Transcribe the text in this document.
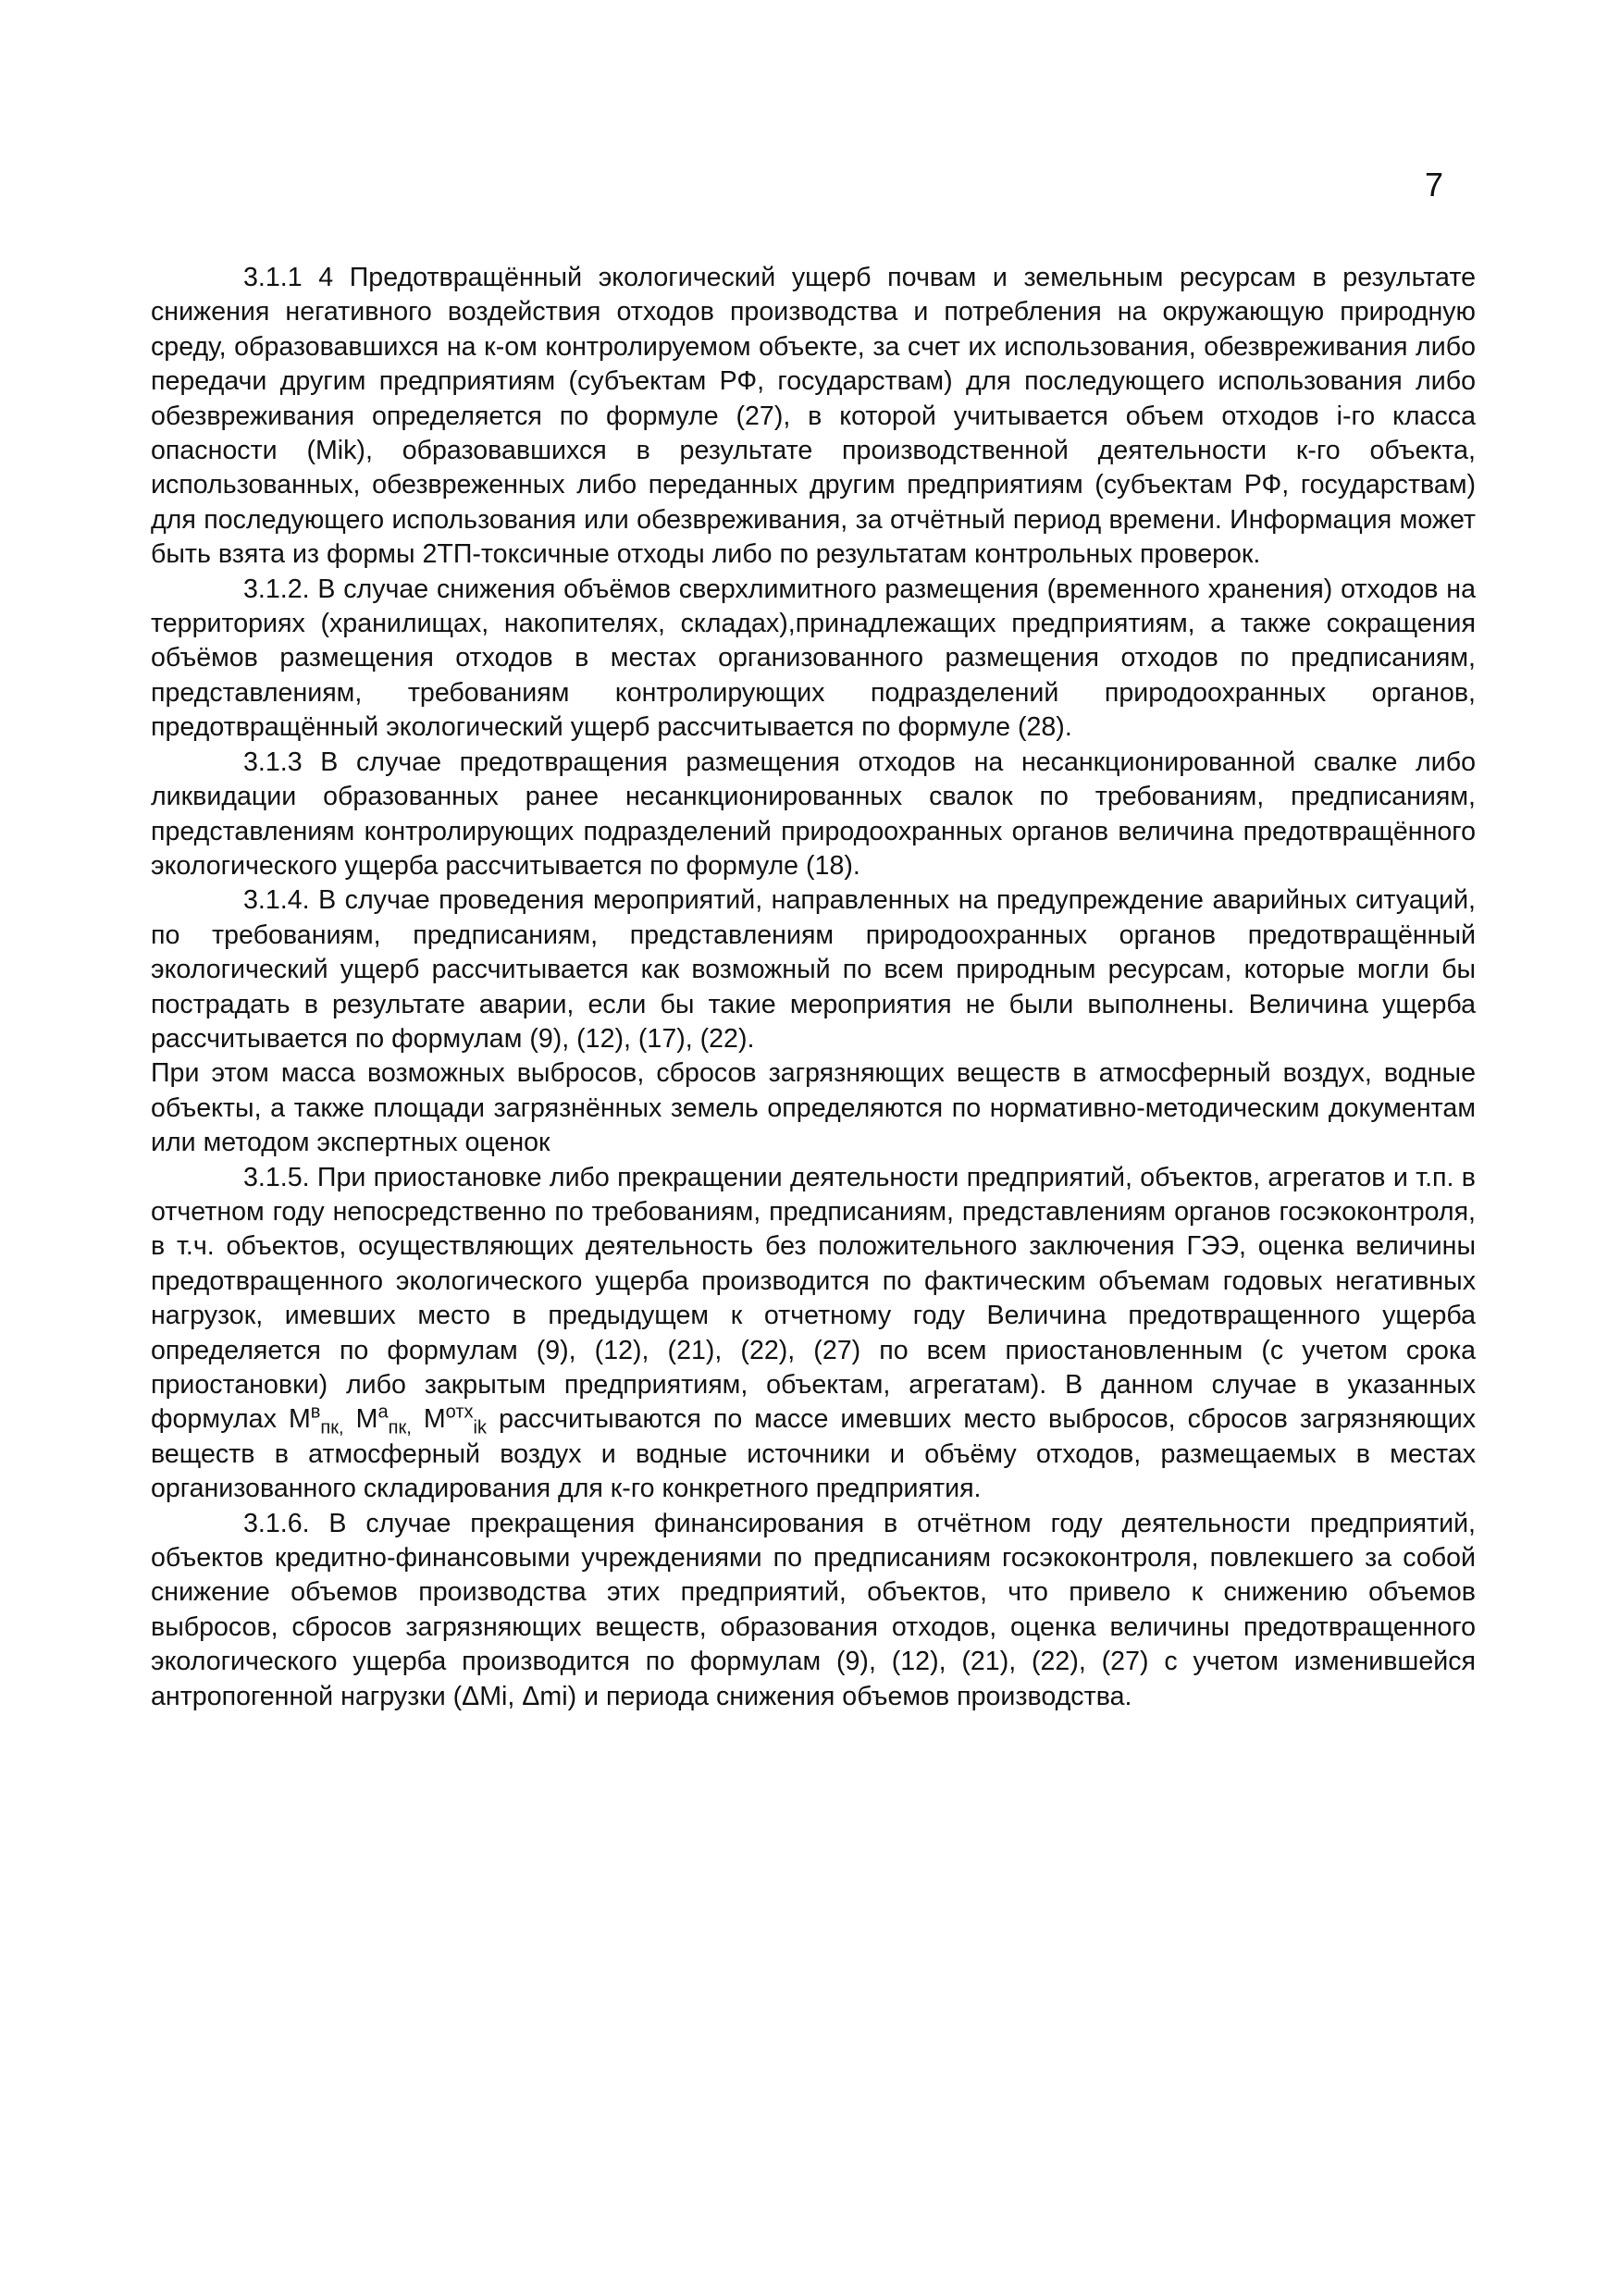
7

3.1.1 4 Предотвращённый экологический ущерб почвам и земельным ресурсам в результате снижения негативного воздействия отходов производства и потребления на окружающую природную среду, образовавшихся на к-ом контролируемом объекте, за счет их использования, обезвреживания либо передачи другим предприятиям (субъектам РФ, государствам) для последующего использования либо обезвреживания определяется по формуле (27), в которой учитывается объем отходов i-го класса опасности (Mik), образовавшихся в результате производственной деятельности к-го объекта, использованных, обезвреженных либо переданных другим предприятиям (субъектам РФ, государствам) для последующего использования или обезвреживания, за отчётный период времени. Информация может быть взята из формы 2ТП-токсичные отходы либо по результатам контрольных проверок.

3.1.2. В случае снижения объёмов сверхлимитного размещения (временного хранения) отходов на территориях (хранилищах, накопителях, складах),принадлежащих предприятиям, а также сокращения объёмов размещения отходов в местах организованного размещения отходов по предписаниям, представлениям, требованиям контролирующих подразделений природоохранных органов, предотвращённый экологический ущерб рассчитывается по формуле (28).

3.1.3 В случае предотвращения размещения отходов на несанкционированной свалке либо ликвидации образованных ранее несанкционированных свалок по требованиям, предписаниям, представлениям контролирующих подразделений природоохранных органов величина предотвращённого экологического ущерба рассчитывается по формуле (18).

3.1.4. В случае проведения мероприятий, направленных на предупреждение аварийных ситуаций, по требованиям, предписаниям, представлениям природоохранных органов предотвращённый экологический ущерб рассчитывается как возможный по всем природным ресурсам, которые могли бы пострадать в результате аварии, если бы такие мероприятия не были выполнены. Величина ущерба рассчитывается по формулам (9), (12), (17), (22).

При этом масса возможных выбросов, сбросов загрязняющих веществ в атмосферный воздух, водные объекты, а также площади загрязнённых земель определяются по нормативно-методическим документам или методом экспертных оценок

3.1.5. При приостановке либо прекращении деятельности предприятий, объектов, агрегатов и т.п. в отчетном году непосредственно по требованиям, предписаниям, представлениям органов госэкоконтроля, в т.ч. объектов, осуществляющих деятельность без положительного заключения ГЭЭ, оценка величины предотвращенного экологического ущерба производится по фактическим объемам годовых негативных нагрузок, имевших место в предыдущем к отчетному году Величина предотвращенного ущерба определяется по формулам (9), (12), (21), (22), (27) по всем приостановленным (с учетом срока приостановки) либо закрытым предприятиям, объектам, агрегатам). В данном случае в указанных формулах $M^в_{пк,}$ $M^а_{пк,}$ $M^{отх}_{ik}$ рассчитываются по массе имевших место выбросов, сбросов загрязняющих веществ в атмосферный воздух и водные источники и объёму отходов, размещаемых в местах организованного складирования для к-го конкретного предприятия.

3.1.6. В случае прекращения финансирования в отчётном году деятельности предприятий, объектов кредитно-финансовыми учреждениями по предписаниям госэкоконтроля, повлекшего за собой снижение объемов производства этих предприятий, объектов, что привело к снижению объемов выбросов, сбросов загрязняющих веществ, образования отходов, оценка величины предотвращенного экологического ущерба производится по формулам (9), (12), (21), (22), (27) с учетом изменившейся антропогенной нагрузки (ΔMi, Δmi) и периода снижения объемов производства.
